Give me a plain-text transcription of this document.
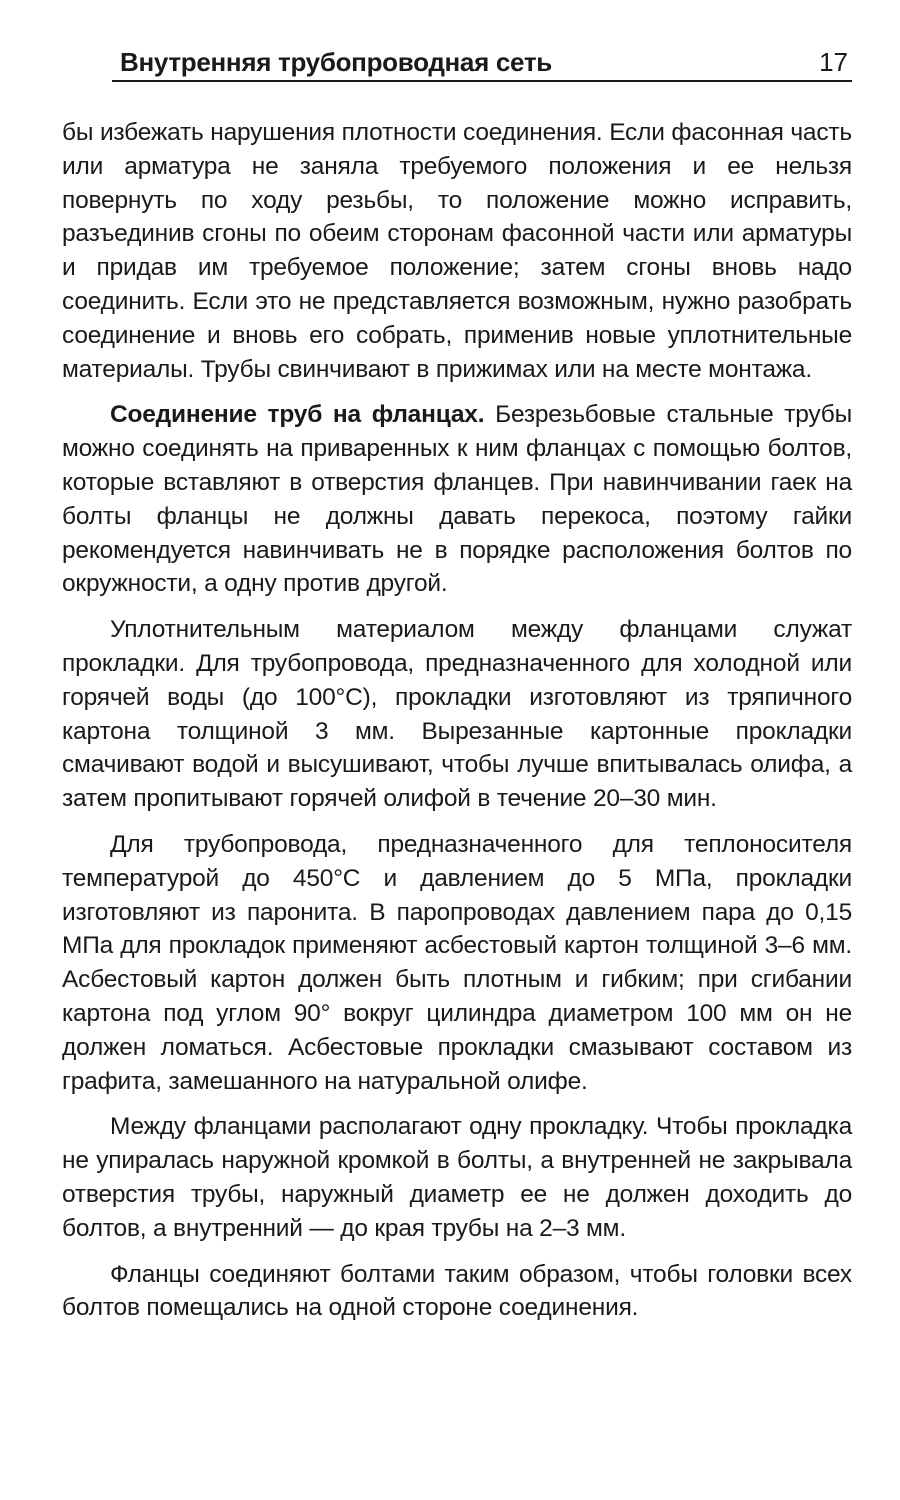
Внутренняя трубопроводная сеть	17

бы избежать нарушения плотности соединения. Если фасонная часть или арматура не заняла требуемого положения и ее нельзя повернуть по ходу резьбы, то положение можно исправить, разъединив сгоны по обеим сторонам фасонной части или арматуры и придав им требуемое положение; затем сгоны вновь надо соединить. Если это не представляется возможным, нужно разобрать соединение и вновь его собрать, применив новые уплотнительные материалы. Трубы свинчивают в прижимах или на месте монтажа.

Соединение труб на фланцах. Безрезьбовые стальные трубы можно соединять на приваренных к ним фланцах с помощью болтов, которые вставляют в отверстия фланцев. При навинчивании гаек на болты фланцы не должны давать перекоса, поэтому гайки рекомендуется навинчивать не в порядке расположения болтов по окружности, а одну против другой.

Уплотнительным материалом между фланцами служат прокладки. Для трубопровода, предназначенного для холодной или горячей воды (до 100°С), прокладки изготовляют из тряпичного картона толщиной 3 мм. Вырезанные картонные прокладки смачивают водой и высушивают, чтобы лучше впитывалась олифа, а затем пропитывают горячей олифой в течение 20–30 мин.

Для трубопровода, предназначенного для теплоносителя температурой до 450°С и давлением до 5 МПа, прокладки изготовляют из паронита. В паропроводах давлением пара до 0,15 МПа для прокладок применяют асбестовый картон толщиной 3–6 мм. Асбестовый картон должен быть плотным и гибким; при сгибании картона под углом 90° вокруг цилиндра диаметром 100 мм он не должен ломаться. Асбестовые прокладки смазывают составом из графита, замешанного на натуральной олифе.

Между фланцами располагают одну прокладку. Чтобы прокладка не упиралась наружной кромкой в болты, а внутренней не закрывала отверстия трубы, наружный диаметр ее не должен доходить до болтов, а внутренний — до края трубы на 2–3 мм.

Фланцы соединяют болтами таким образом, чтобы головки всех болтов помещались на одной стороне соединения.
